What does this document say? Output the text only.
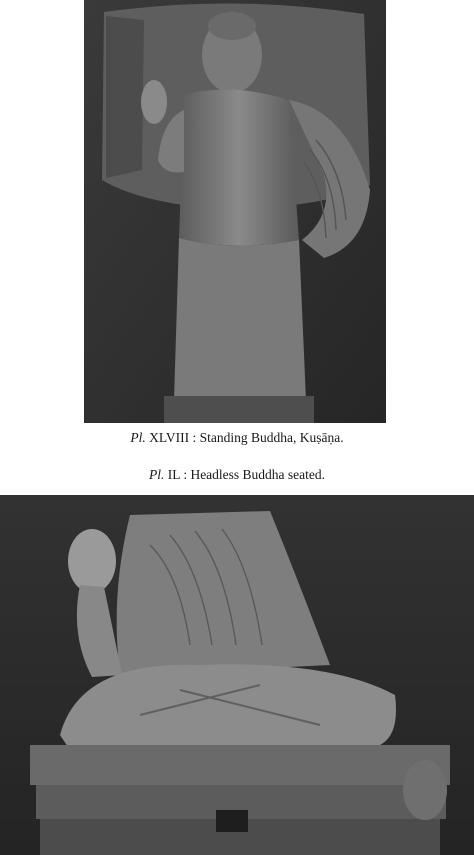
Pl. XLVIII : Standing Buddha, Kuṣāṇa.
Pl. IL : Headless Buddha seated.
